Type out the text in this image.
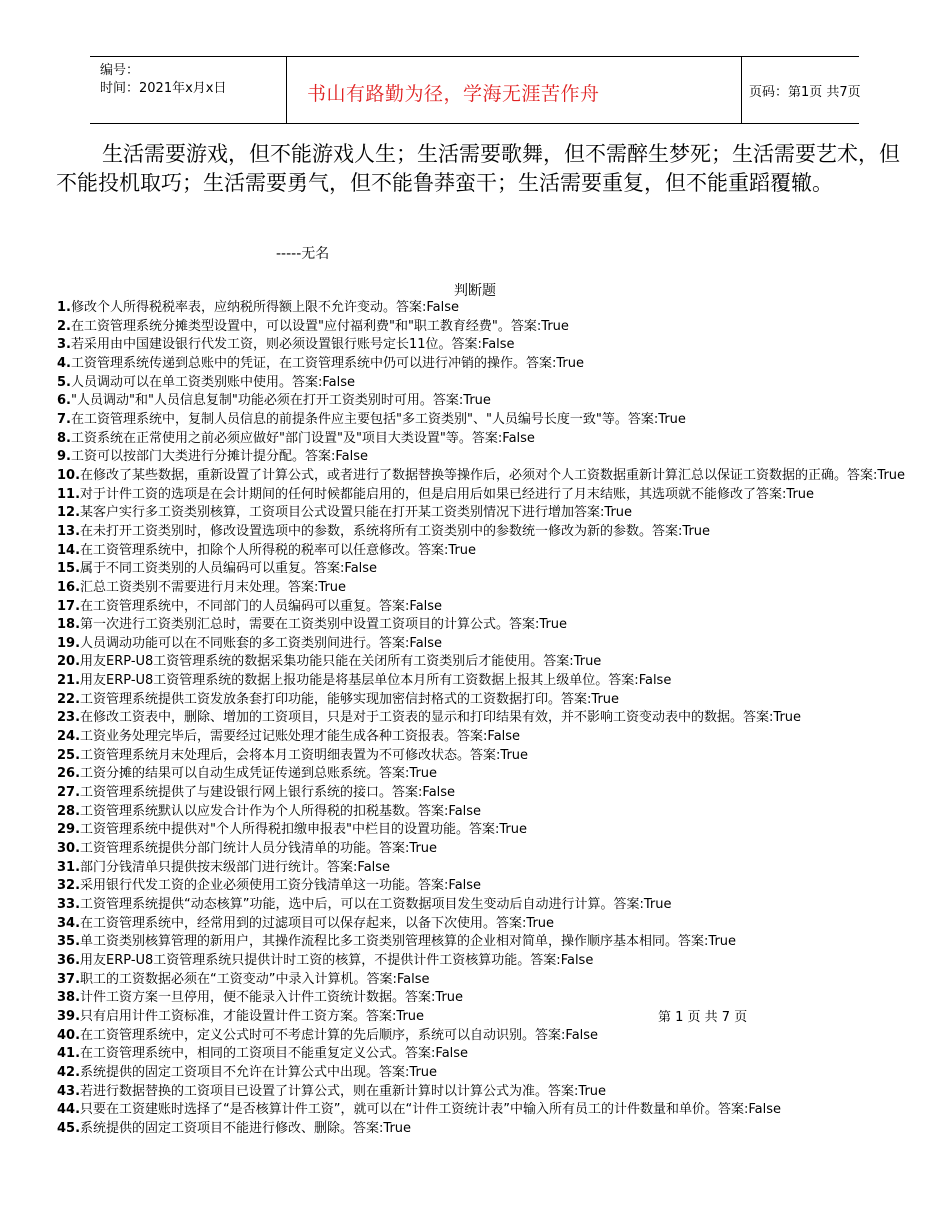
编号：
时间：2021年x月x日	书山有路勤为径，学海无涯苦作舟	页码：第1页 共7页
生活需要游戏，但不能游戏人生；生活需要歌舞，但不需醉生梦死；生活需要艺术，但不能投机取巧；生活需要勇气，但不能鲁莽蛮干；生活需要重复，但不能重蹈覆辙。
-----无名
判断题
1.修改个人所得税税率表，应纳税所得额上限不允许变动。答案:False
2.在工资管理系统分摊类型设置中，可以设置"应付福利费"和"职工教育经费"。答案:True
3.若采用由中国建设银行代发工资，则必须设置银行账号定长11位。答案:False
4.工资管理系统传递到总账中的凭证，在工资管理系统中仍可以进行冲销的操作。答案:True
5.人员调动可以在单工资类别账中使用。答案:False
6."人员调动"和"人员信息复制"功能必须在打开工资类别时可用。答案:True
7.在工资管理系统中，复制人员信息的前提条件应主要包括"多工资类别"、"人员编号长度一致"等。答案:True
8.工资系统在正常使用之前必须应做好"部门设置"及"项目大类设置"等。答案:False
9.工资可以按部门大类进行分摊计提分配。答案:False
10.在修改了某些数据，重新设置了计算公式，或者进行了数据替换等操作后，必须对个人工资数据重新计算汇总以保证工资数据的正确。答案:True
11.对于计件工资的选项是在会计期间的任何时候都能启用的，但是启用后如果已经进行了月末结账，其选项就不能修改了答案:True
12.某客户实行多工资类别核算，工资项目公式设置只能在打开某工资类别情况下进行增加答案:True
13.在未打开工资类别时，修改设置选项中的参数，系统将所有工资类别中的参数统一修改为新的参数。答案:True
14.在工资管理系统中，扣除个人所得税的税率可以任意修改。答案:True
15.属于不同工资类别的人员编码可以重复。答案:False
16.汇总工资类别不需要进行月末处理。答案:True
17.在工资管理系统中，不同部门的人员编码可以重复。答案:False
18.第一次进行工资类别汇总时，需要在工资类别中设置工资项目的计算公式。答案:True
19.人员调动功能可以在不同账套的多工资类别间进行。答案:False
20.用友ERP-U8工资管理系统的数据采集功能只能在关闭所有工资类别后才能使用。答案:True
21.用友ERP-U8工资管理系统的数据上报功能是将基层单位本月所有工资数据上报其上级单位。答案:False
22.工资管理系统提供工资发放条套打印功能，能够实现加密信封格式的工资数据打印。答案:True
23.在修改工资表中，删除、增加的工资项目，只是对于工资表的显示和打印结果有效，并不影响工资变动表中的数据。答案:True
24.工资业务处理完毕后，需要经过记账处理才能生成各种工资报表。答案:False
25.工资管理系统月末处理后，会将本月工资明细表置为不可修改状态。答案:True
26.工资分摊的结果可以自动生成凭证传递到总账系统。答案:True
27.工资管理系统提供了与建设银行网上银行系统的接口。答案:False
28.工资管理系统默认以应发合计作为个人所得税的扣税基数。答案:False
29.工资管理系统中提供对"个人所得税扣缴申报表"中栏目的设置功能。答案:True
30.工资管理系统提供分部门统计人员分钱清单的功能。答案:True
31.部门分钱清单只提供按末级部门进行统计。答案:False
32.采用银行代发工资的企业必须使用工资分钱清单这一功能。答案:False
33.工资管理系统提供“动态核算”功能，选中后，可以在工资数据项目发生变动后自动进行计算。答案:True
34.在工资管理系统中，经常用到的过滤项目可以保存起来，以备下次使用。答案:True
35.单工资类别核算管理的新用户，其操作流程比多工资类别管理核算的企业相对简单，操作顺序基本相同。答案:True
36.用友ERP-U8工资管理系统只提供计时工资的核算，不提供计件工资核算功能。答案:False
37.职工的工资数据必须在“工资变动”中录入计算机。答案:False
38.计件工资方案一旦停用，便不能录入计件工资统计数据。答案:True
39.只有启用计件工资标准，才能设置计件工资方案。答案:True
40.在工资管理系统中，定义公式时可不考虑计算的先后顺序，系统可以自动识别。答案:False
41.在工资管理系统中，相同的工资项目不能重复定义公式。答案:False
42.系统提供的固定工资项目不允许在计算公式中出现。答案:True
43.若进行数据替换的工资项目已设置了计算公式，则在重新计算时以计算公式为准。答案:True
44.只要在工资建账时选择了“是否核算计件工资”，就可以在“计件工资统计表”中输入所有员工的计件数量和单价。答案:False
45.系统提供的固定工资项目不能进行修改、删除。答案:True
第 1 页 共 7 页
